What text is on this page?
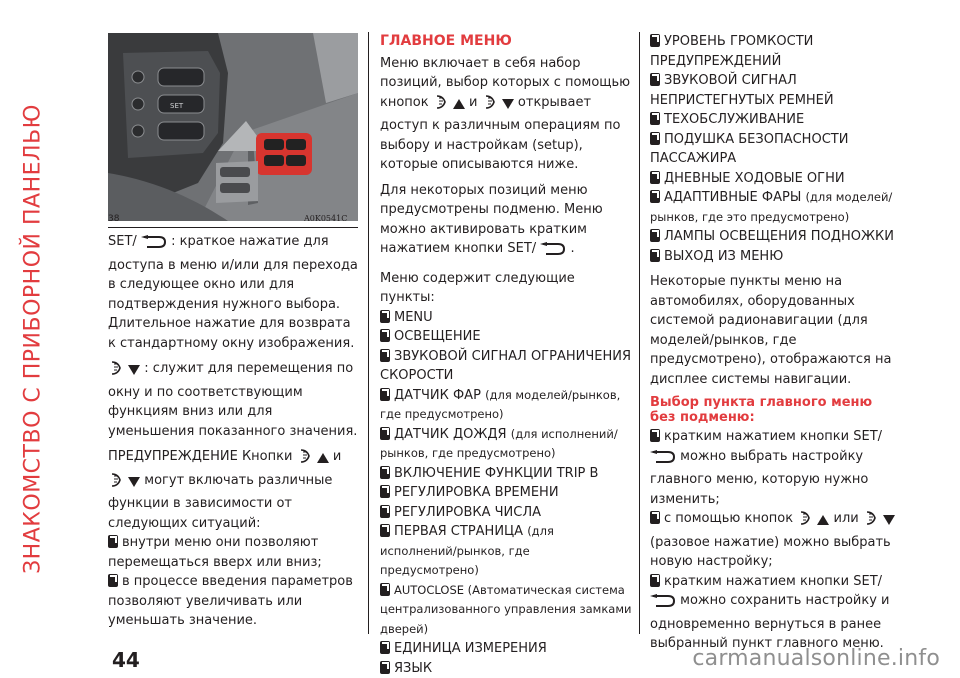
ЗНАКОМСТВО С ПРИБОРНОЙ ПАНЕЛЬЮ	SET
38	A0K0541C

SET/	: краткое нажатие для доступа в меню и/или для перехода в следующее окно или для подтверждения нужного выбора. Длительное нажатие для возврата к стандартному окну изображения.

: служит для перемещения по окну и по соответствующим функциям вниз или для уменьшения показанного значения.

ПРЕДУПРЕЖДЕНИЕ Кнопки	и   могут включать различные функции в зависимости от следующих ситуаций:

внутри меню они позволяют перемещаться вверх или вниз;

в процессе введения параметров позволяют увеличивать или уменьшать значение.

ГЛАВНОЕ МЕНЮ

Меню включает в себя набор позиций, выбор которых с помощью кнопок	и	открывает доступ к различным операциям по выбору и настройкам (setup), которые описываются ниже.

Для некоторых позиций меню предусмотрены подменю. Меню можно активировать кратким нажатием кнопки SET/	.

Меню содержит следующие пункты:

MENU

ОСВЕЩЕНИЕ

ЗВУКОВОЙ СИГНАЛ ОГРАНИЧЕНИЯ СКОРОСТИ

ДАТЧИК ФАР (для моделей/рынков, где предусмотрено)

ДАТЧИК ДОЖДЯ (для исполнений/рынков, где предусмотрено)

ВКЛЮЧЕНИЕ ФУНКЦИИ TRIP B

РЕГУЛИРОВКА ВРЕМЕНИ

РЕГУЛИРОВКА ЧИСЛА

ПЕРВАЯ СТРАНИЦА (для исполнений/рынков, где предусмотрено)

AUTOCLOSE (Автоматическая система централизованного управления замками дверей)

ЕДИНИЦА ИЗМЕРЕНИЯ

ЯЗЫК

УРОВЕНЬ ГРОМКОСТИ ПРЕДУПРЕЖДЕНИЙ

ЗВУКОВОЙ СИГНАЛ НЕПРИСТЕГНУТЫХ РЕМНЕЙ

ТЕХОБСЛУЖИВАНИЕ

ПОДУШКА БЕЗОПАСНОСТИ ПАССАЖИРА

ДНЕВНЫЕ ХОДОВЫЕ ОГНИ

АДАПТИВНЫЕ ФАРЫ (для моделей/рынков, где это предусмотрено)

ЛАМПЫ ОСВЕЩЕНИЯ ПОДНОЖКИ

ВЫХОД ИЗ МЕНЮ

Некоторые пункты меню на автомобилях, оборудованных системой радионавигации (для моделей/рынков, где предусмотрено), отображаются на дисплее системы навигации.

Выбор пункта главного меню без подменю:

кратким нажатием кнопки SET/  можно выбрать настройку главного меню, которую нужно изменить;

с помощью кнопок	или   (разовое нажатие) можно выбрать новую настройку;

кратким нажатием кнопки SET/  можно сохранить настройку и одновременно вернуться в ранее выбранный пункт главного меню.

44	carmanualsonline.info
